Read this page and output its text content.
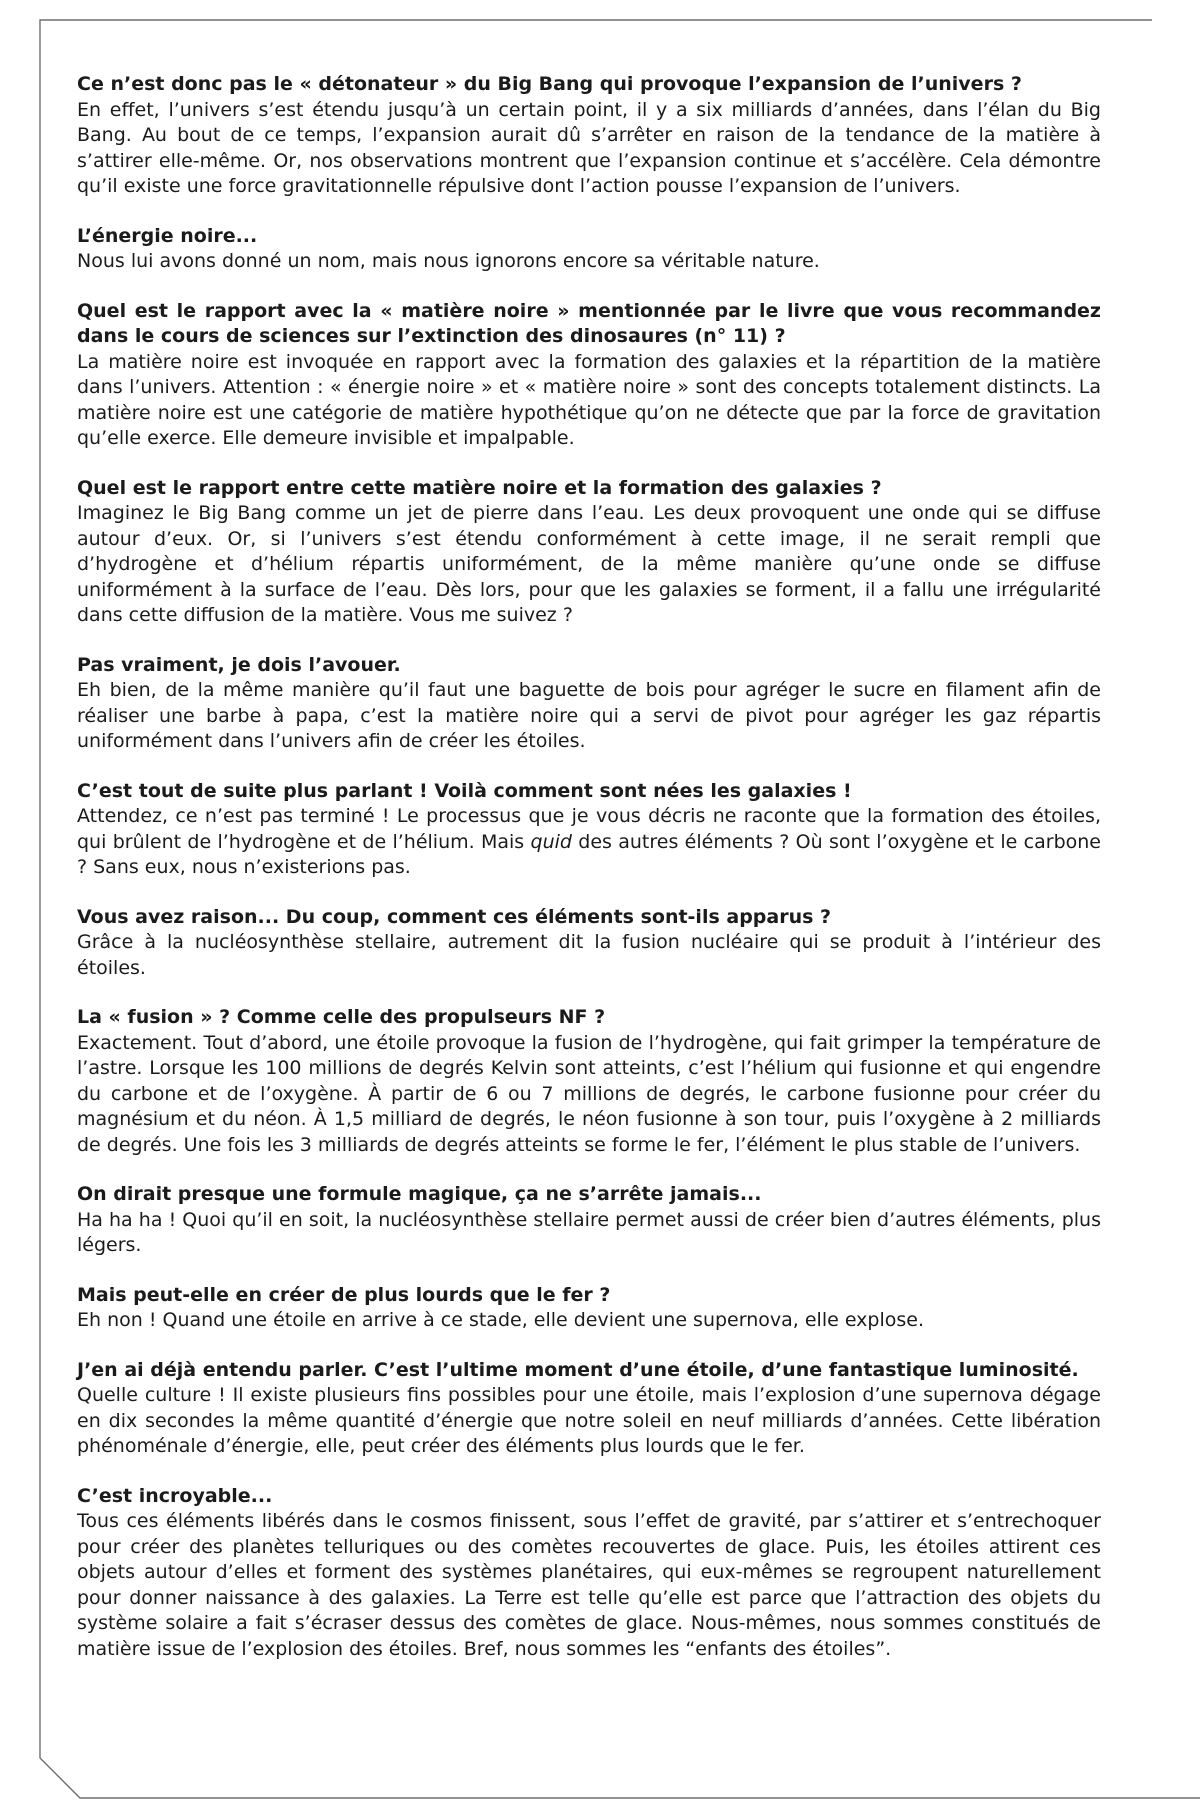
Ce n’est donc pas le « détonateur » du Big Bang qui provoque l’expansion de l’univers ?

En effet, l’univers s’est étendu jusqu’à un certain point, il y a six milliards d’années, dans l’élan du Big Bang. Au bout de ce temps, l’expansion aurait dû s’arrêter en raison de la tendance de la matière à s’attirer elle-même. Or, nos observations montrent que l’expansion continue et s’accélère. Cela démontre qu’il existe une force gravitationnelle répulsive dont l’action pousse l’expansion de l’univers.

L’énergie noire...

Nous lui avons donné un nom, mais nous ignorons encore sa véritable nature.

Quel est le rapport avec la « matière noire » mentionnée par le livre que vous recommandez dans le cours de sciences sur l’extinction des dinosaures (n° 11) ?

La matière noire est invoquée en rapport avec la formation des galaxies et la répartition de la matière dans l’univers. Attention : « énergie noire » et « matière noire » sont des concepts totalement distincts. La matière noire est une catégorie de matière hypothétique qu’on ne détecte que par la force de gravitation qu’elle exerce. Elle demeure invisible et impalpable.

Quel est le rapport entre cette matière noire et la formation des galaxies ?

Imaginez le Big Bang comme un jet de pierre dans l’eau. Les deux provoquent une onde qui se diffuse autour d’eux. Or, si l’univers s’est étendu conformément à cette image, il ne serait rempli que d’hydrogène et d’hélium répartis uniformément, de la même manière qu’une onde se diffuse uniformément à la surface de l’eau. Dès lors, pour que les galaxies se forment, il a fallu une irrégularité dans cette diffusion de la matière. Vous me suivez ?

Pas vraiment, je dois l’avouer.

Eh bien, de la même manière qu’il faut une baguette de bois pour agréger le sucre en filament afin de réaliser une barbe à papa, c’est la matière noire qui a servi de pivot pour agréger les gaz répartis uniformément dans l’univers afin de créer les étoiles.

C’est tout de suite plus parlant ! Voilà comment sont nées les galaxies !

Attendez, ce n’est pas terminé ! Le processus que je vous décris ne raconte que la formation des étoiles, qui brûlent de l’hydrogène et de l’hélium. Mais quid des autres éléments ? Où sont l’oxygène et le carbone ? Sans eux, nous n’existerions pas.

Vous avez raison... Du coup, comment ces éléments sont-ils apparus ?

Grâce à la nucléosynthèse stellaire, autrement dit la fusion nucléaire qui se produit à l’intérieur des étoiles.

La « fusion » ? Comme celle des propulseurs NF ?

Exactement. Tout d’abord, une étoile provoque la fusion de l’hydrogène, qui fait grimper la température de l’astre. Lorsque les 100 millions de degrés Kelvin sont atteints, c’est l’hélium qui fusionne et qui engendre du carbone et de l’oxygène. À partir de 6 ou 7 millions de degrés, le carbone fusionne pour créer du magnésium et du néon. À 1,5 milliard de degrés, le néon fusionne à son tour, puis l’oxygène à 2 milliards de degrés. Une fois les 3 milliards de degrés atteints se forme le fer, l’élément le plus stable de l’univers.

On dirait presque une formule magique, ça ne s’arrête jamais...

Ha ha ha ! Quoi qu’il en soit, la nucléosynthèse stellaire permet aussi de créer bien d’autres éléments, plus légers.

Mais peut-elle en créer de plus lourds que le fer ?

Eh non ! Quand une étoile en arrive à ce stade, elle devient une supernova, elle explose.

J’en ai déjà entendu parler. C’est l’ultime moment d’une étoile, d’une fantastique luminosité.

Quelle culture ! Il existe plusieurs fins possibles pour une étoile, mais l’explosion d’une supernova dégage en dix secondes la même quantité d’énergie que notre soleil en neuf milliards d’années. Cette libération phénoménale d’énergie, elle, peut créer des éléments plus lourds que le fer.

C’est incroyable...

Tous ces éléments libérés dans le cosmos finissent, sous l’effet de gravité, par s’attirer et s’entrechoquer pour créer des planètes telluriques ou des comètes recouvertes de glace. Puis, les étoiles attirent ces objets autour d’elles et forment des systèmes planétaires, qui eux-mêmes se regroupent naturellement pour donner naissance à des galaxies. La Terre est telle qu’elle est parce que l’attraction des objets du système solaire a fait s’écraser dessus des comètes de glace. Nous-mêmes, nous sommes constitués de matière issue de l’explosion des étoiles. Bref, nous sommes les “enfants des étoiles”.
